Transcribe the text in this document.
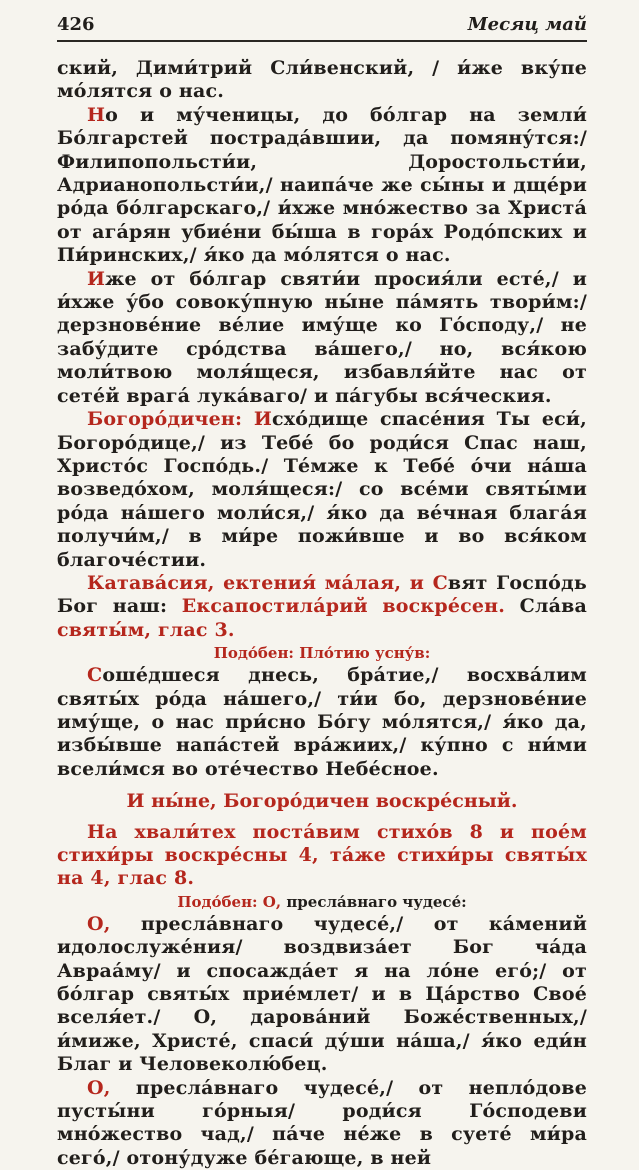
426	Месяц май

ский, Дими́трий Сли́венский, / и́же вку́пе мо́лятся о нас.

Но и му́ченицы, до бо́лгар на земли́ Бо́лгарстей пострада́вшии, да помяну́тся:/ Филипопольсти́и, Доростольсти́и, Адрианопольсти́и,/ наипа́че же сы́ны и дще́ри ро́да бо́лгарскаго,/ и́хже мно́жество за Христа́ от ага́рян убие́ни бы́ша в гора́х Родо́пских и Пи́ринских,/ я́ко да мо́лятся о нас.

Иже от бо́лгар святи́и просия́ли есте́,/ и и́хже у́бо совоку́пную ны́не па́мять твори́м:/ дерзнове́ние ве́лие иму́ще ко Го́споду,/ не забу́дите сро́дства ва́шего,/ но, вся́кою моли́твою моля́щеся, избавля́йте нас от сете́й врага́ лука́ваго/ и па́губы вся́ческия.

Богоро́дичен: Исхо́дище спасе́ния Ты еси́, Богоро́дице,/ из Тебе́ бо роди́ся Спас наш, Христо́с Госпо́дь./ Те́мже к Тебе́ о́чи на́ша возведо́хом, моля́щеся:/ со все́ми святы́ми ро́да на́шего моли́ся,/ я́ко да ве́чная блага́я получи́м,/ в ми́ре пожи́вше и во вся́ком благоче́стии.

Катава́сия, ектения́ ма́лая, и Свят Госпо́дь Бог наш: Ексапостила́рий воскре́сен. Сла́ва святы́м, глас 3.

Подо́бен: Пло́тию усну́в:

Соше́дшеся днесь, бра́тие,/ восхва́лим святы́х ро́да на́шего,/ ти́и бо, дерзнове́ние иму́ще, о нас при́сно Бо́гу мо́лятся,/ я́ко да, избы́вше напа́стей вра́жиих,/ ку́пно с ни́ми всели́мся во оте́чество Небе́сное.

И ны́не, Богоро́дичен воскре́сный.

На хвали́тех поста́вим стихо́в 8 и пое́м стихи́ры воскре́сны 4, та́же стихи́ры святы́х на 4, глас 8.

Подо́бен: О, пресла́внаго чудесе́:

О, пресла́внаго чудесе́,/ от ка́мений идолослуже́ния/ воздвиза́ет Бог ча́да Авраа́му/ и спосажда́ет я на ло́не его́;/ от бо́лгар святы́х прие́млет/ и в Ца́рство Свое́ вселя́ет./ О, дарова́ний Боже́ственных,/ и́миже, Христе́, спаси́ ду́ши на́ша,/ я́ко еди́н Благ и Человеколю́бец.

О, пресла́внаго чудесе́,/ от непло́дове пусты́ни го́рныя/ роди́ся Го́сподеви мно́жество чад,/ па́че не́же в суете́ ми́ра сего́,/ отону́дуже бе́гающе, в ней
